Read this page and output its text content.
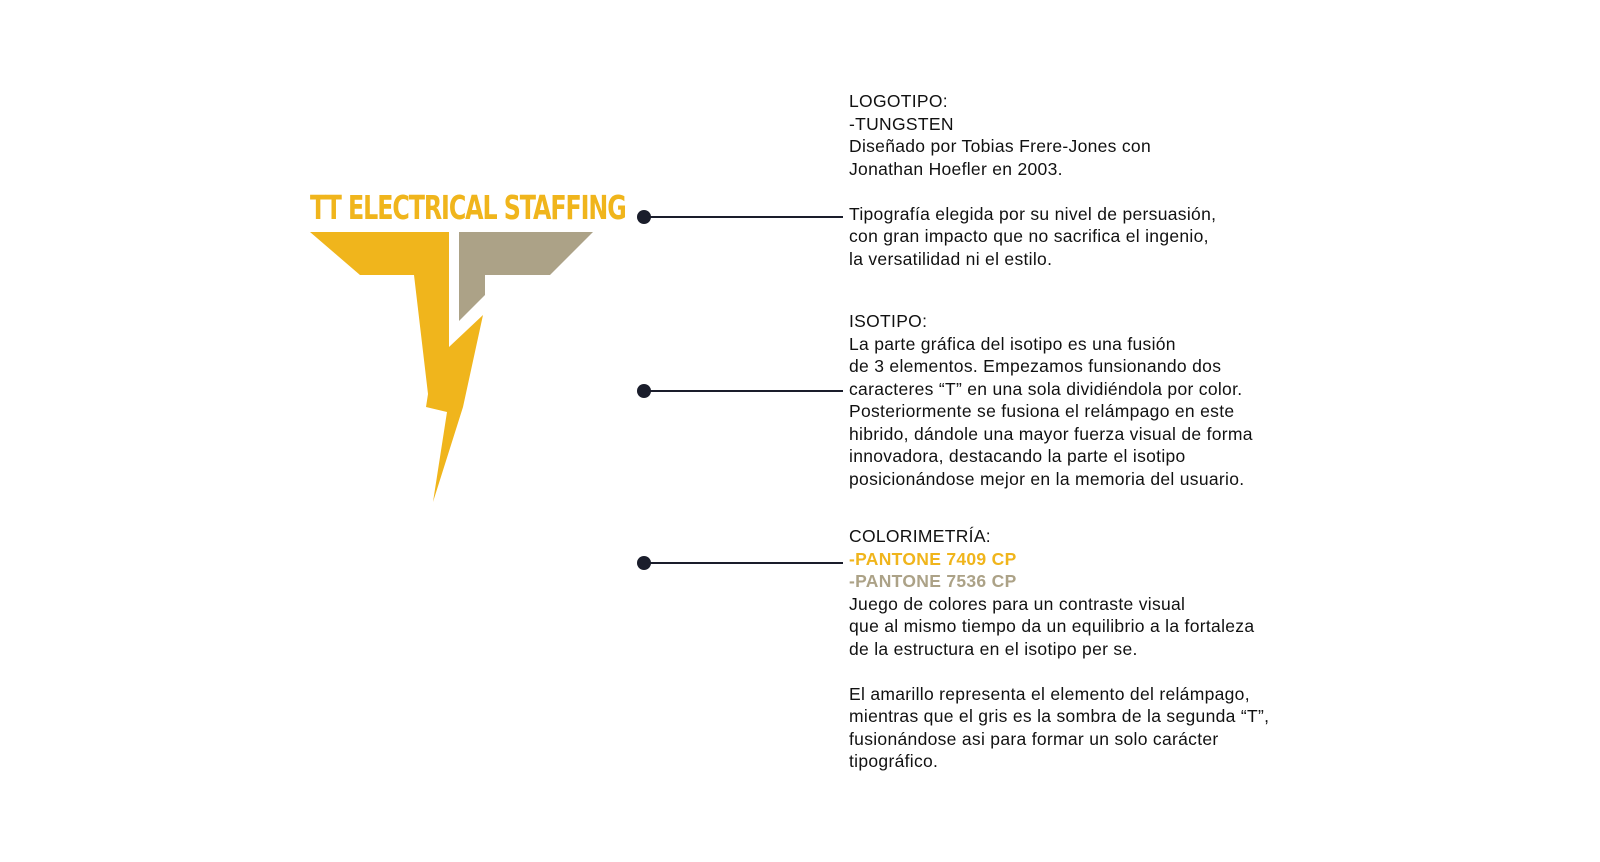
TT ELECTRICAL STAFFING

LOGOTIPO:

-TUNGSTEN

Diseñado por Tobias Frere-Jones con

Jonathan Hoefler en 2003.

Tipografía elegida por su nivel de persuasión,

con gran impacto que no sacrifica el ingenio,

la versatilidad ni el estilo.

ISOTIPO:

La parte gráfica del isotipo es una fusión

de 3 elementos. Empezamos funsionando dos

caracteres “T” en una sola dividiéndola por color.

Posteriormente se fusiona el relámpago en este

hibrido, dándole una mayor fuerza visual de forma

innovadora, destacando la parte el isotipo

posicionándose mejor en la memoria del usuario.

COLORIMETRÍA:

-PANTONE 7409 CP

-PANTONE 7536 CP

Juego de colores para un contraste visual

que al mismo tiempo da un equilibrio a la fortaleza

de la estructura en el isotipo per se.

El amarillo representa el elemento del relámpago,

mientras que el gris es la sombra de la segunda “T”,

fusionándose asi para formar un solo carácter

tipográfico.
